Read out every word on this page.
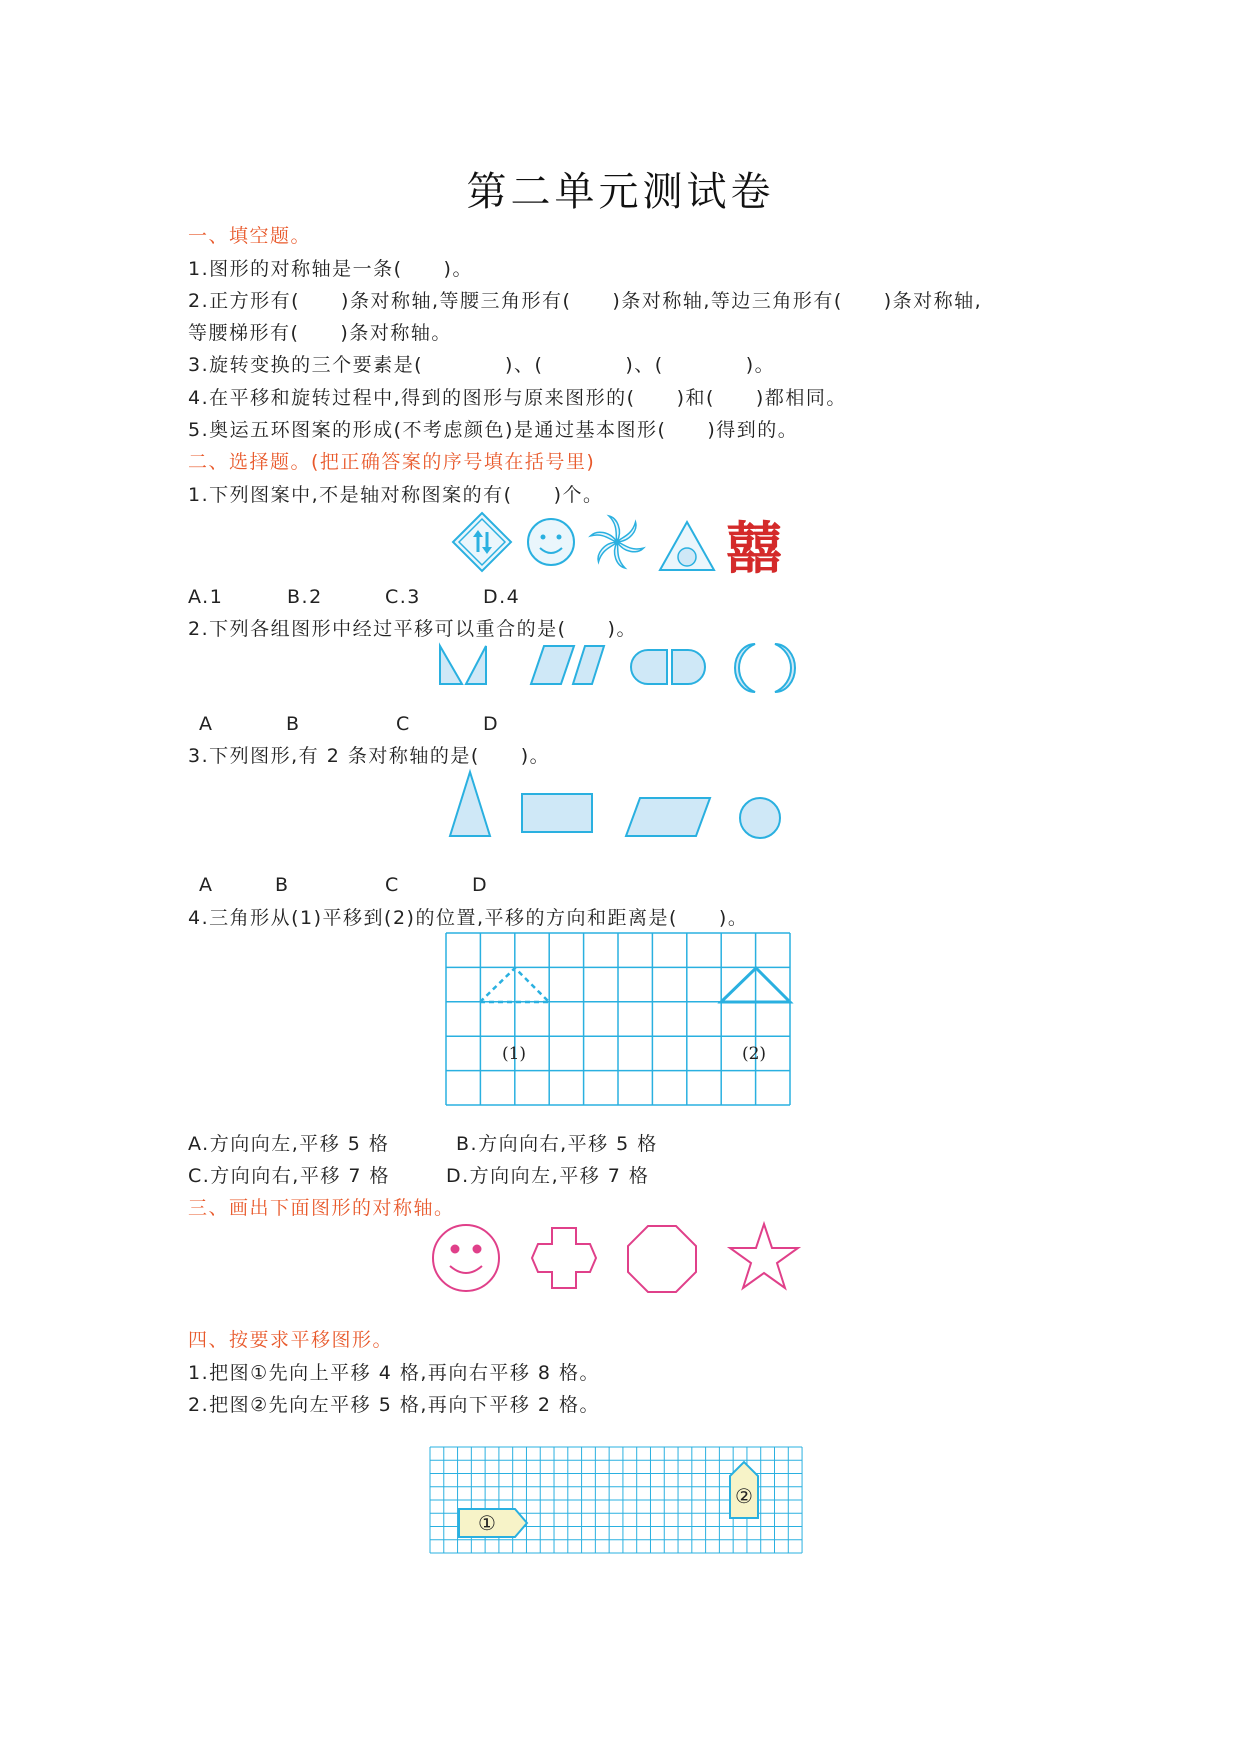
第二单元测试卷
一、填空题。
1.图形的对称轴是一条(　　)。
2.正方形有(　　)条对称轴,等腰三角形有(　　)条对称轴,等边三角形有(　　)条对称轴,
等腰梯形有(　　)条对称轴。
3.旋转变换的三个要素是(　　　　)、(　　　　)、(　　　　)。
4.在平移和旋转过程中,得到的图形与原来图形的(　　)和(　　)都相同。
5.奥运五环图案的形成(不考虑颜色)是通过基本图形(　　)得到的。
二、选择题。(把正确答案的序号填在括号里)
1.下列图案中,不是轴对称图案的有(　　)个。
囍
A.1	B.2	C.3	D.4
2.下列各组图形中经过平移可以重合的是(　　)。
A	B	C	D
3.下列图形,有 2 条对称轴的是(　　)。
A	B	C	D
4.三角形从(1)平移到(2)的位置,平移的方向和距离是(　　)。
(1)	(2)
A.方向向左,平移 5 格	B.方向向右,平移 5 格
C.方向向右,平移 7 格	D.方向向左,平移 7 格
三、画出下面图形的对称轴。
四、按要求平移图形。
1.把图①先向上平移 4 格,再向右平移 8 格。
2.把图②先向左平移 5 格,再向下平移 2 格。
①
②
